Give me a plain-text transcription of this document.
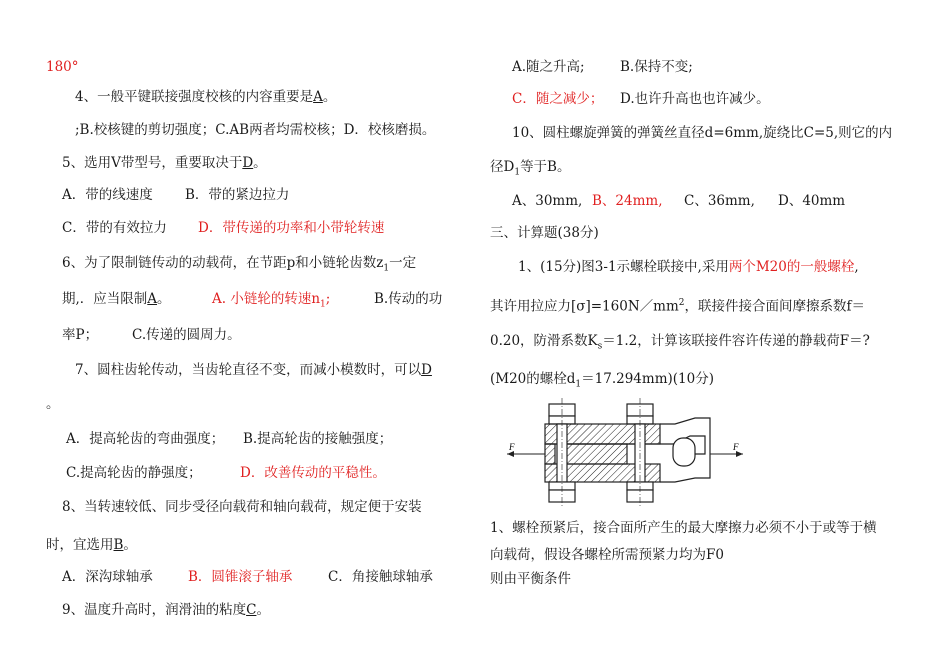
180°
4、一般平键联接强度校核的内容重要是A。
;B.校核键的剪切强度；C.AB两者均需校核；D．校核磨损。
5、选用V带型号，重要取决于D。
A．带的线速度 B．带的紧边拉力
C．带的有效拉力 D．带传递的功率和小带轮转速
6、为了限制链传动的动载荷，在节距p和小链轮齿数$z_1$一定
期,．应当限制A。	A. 小链轮的转速$n_1$;	B.传动的功
率P；	C.传递的圆周力。
7、圆柱齿轮传动，当齿轮直径不变，而减小模数时，可以D
。
A．提高轮齿的弯曲强度； B.提高轮齿的接触强度；
C.提高轮齿的静强度；	D．改善传动的平稳性。
8、当转速较低、同步受径向载荷和轴向载荷，规定便于安装
时，宜选用B。
A．深沟球轴承	B．圆锥滚子轴承	C．角接触球轴承
9、温度升高时，润滑油的粘度C。
A.随之升高;	B.保持不变;
C．随之减少； D.也许升高也也许减少。
10、圆柱螺旋弹簧的弹簧丝直径d=6mm,旋绕比C=5,则它的内
径$D_1$等于B。
A、30mm, B、24mm, C、36mm, D、40mm
三、计算题(38分)
1、(15分)图3-1示螺栓联接中,采用两个M20的一般螺栓,
其许用拉应力$[\sigma]=160N/mm^2$，联接件接合面间摩擦系数f＝
0.20，防滑系数$K_s=1.2$，计算该联接件容许传递的静载荷F＝?
(M20的螺栓$d_1=17.294mm)(10$分)
F	F
1、螺栓预紧后，接合面所产生的最大摩擦力必须不小于或等于横
向载荷，假设各螺栓所需预紧力均为F0
则由平衡条件
